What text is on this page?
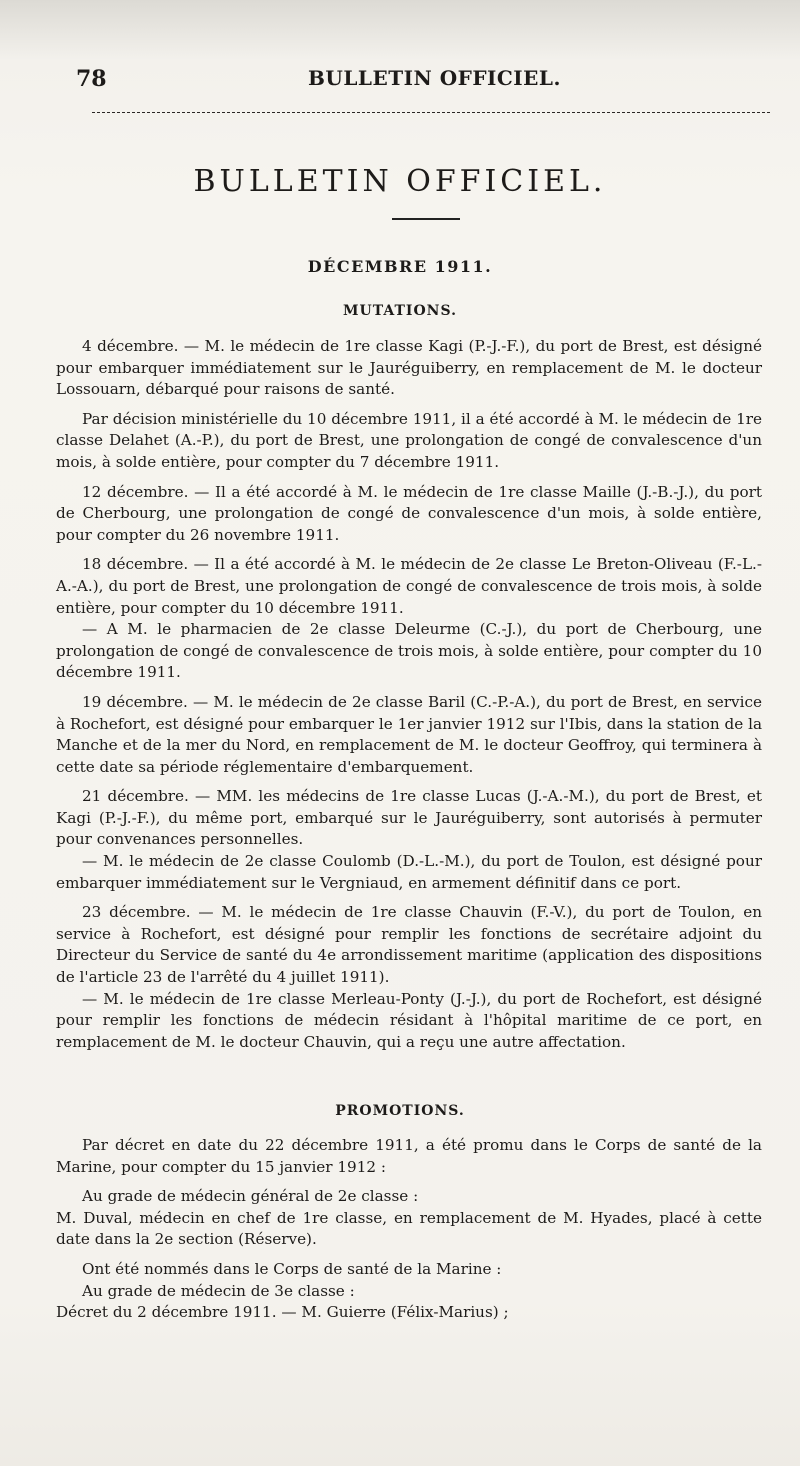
78	BULLETIN OFFICIEL.
BULLETIN OFFICIEL.
DÉCEMBRE 1911.
MUTATIONS.

4 décembre. — M. le médecin de 1re classe Kagi (P.-J.-F.), du port de Brest, est désigné pour embarquer immédiatement sur le Jauréguiberry, en remplacement de M. le docteur Lossouarn, débarqué pour raisons de santé.

Par décision ministérielle du 10 décembre 1911, il a été accordé à M. le médecin de 1re classe Delahet (A.-P.), du port de Brest, une prolongation de congé de convalescence d'un mois, à solde entière, pour compter du 7 décembre 1911.

12 décembre. — Il a été accordé à M. le médecin de 1re classe Maille (J.-B.-J.), du port de Cherbourg, une prolongation de congé de convalescence d'un mois, à solde entière, pour compter du 26 novembre 1911.

18 décembre. — Il a été accordé à M. le médecin de 2e classe Le Breton-Oliveau (F.-L.-A.-A.), du port de Brest, une prolongation de congé de convalescence de trois mois, à solde entière, pour compter du 10 décembre 1911.

— A M. le pharmacien de 2e classe Deleurme (C.-J.), du port de Cherbourg, une prolongation de congé de convalescence de trois mois, à solde entière, pour compter du 10 décembre 1911.

19 décembre. — M. le médecin de 2e classe Baril (C.-P.-A.), du port de Brest, en service à Rochefort, est désigné pour embarquer le 1er janvier 1912 sur l'Ibis, dans la station de la Manche et de la mer du Nord, en remplacement de M. le docteur Geoffroy, qui terminera à cette date sa période réglementaire d'embarquement.

21 décembre. — MM. les médecins de 1re classe Lucas (J.-A.-M.), du port de Brest, et Kagi (P.-J.-F.), du même port, embarqué sur le Jauréguiberry, sont autorisés à permuter pour convenances personnelles.

— M. le médecin de 2e classe Coulomb (D.-L.-M.), du port de Toulon, est désigné pour embarquer immédiatement sur le Vergniaud, en armement définitif dans ce port.

23 décembre. — M. le médecin de 1re classe Chauvin (F.-V.), du port de Toulon, en service à Rochefort, est désigné pour remplir les fonctions de secrétaire adjoint du Directeur du Service de santé du 4e arrondissement maritime (application des dispositions de l'article 23 de l'arrêté du 4 juillet 1911).

— M. le médecin de 1re classe Merleau-Ponty (J.-J.), du port de Rochefort, est désigné pour remplir les fonctions de médecin résidant à l'hôpital maritime de ce port, en remplacement de M. le docteur Chauvin, qui a reçu une autre affectation.

PROMOTIONS.

Par décret en date du 22 décembre 1911, a été promu dans le Corps de santé de la Marine, pour compter du 15 janvier 1912 :

Au grade de médecin général de 2e classe :

M. Duval, médecin en chef de 1re classe, en remplacement de M. Hyades, placé à cette date dans la 2e section (Réserve).

Ont été nommés dans le Corps de santé de la Marine :

Au grade de médecin de 3e classe :

Décret du 2 décembre 1911. — M. Guierre (Félix-Marius) ;
